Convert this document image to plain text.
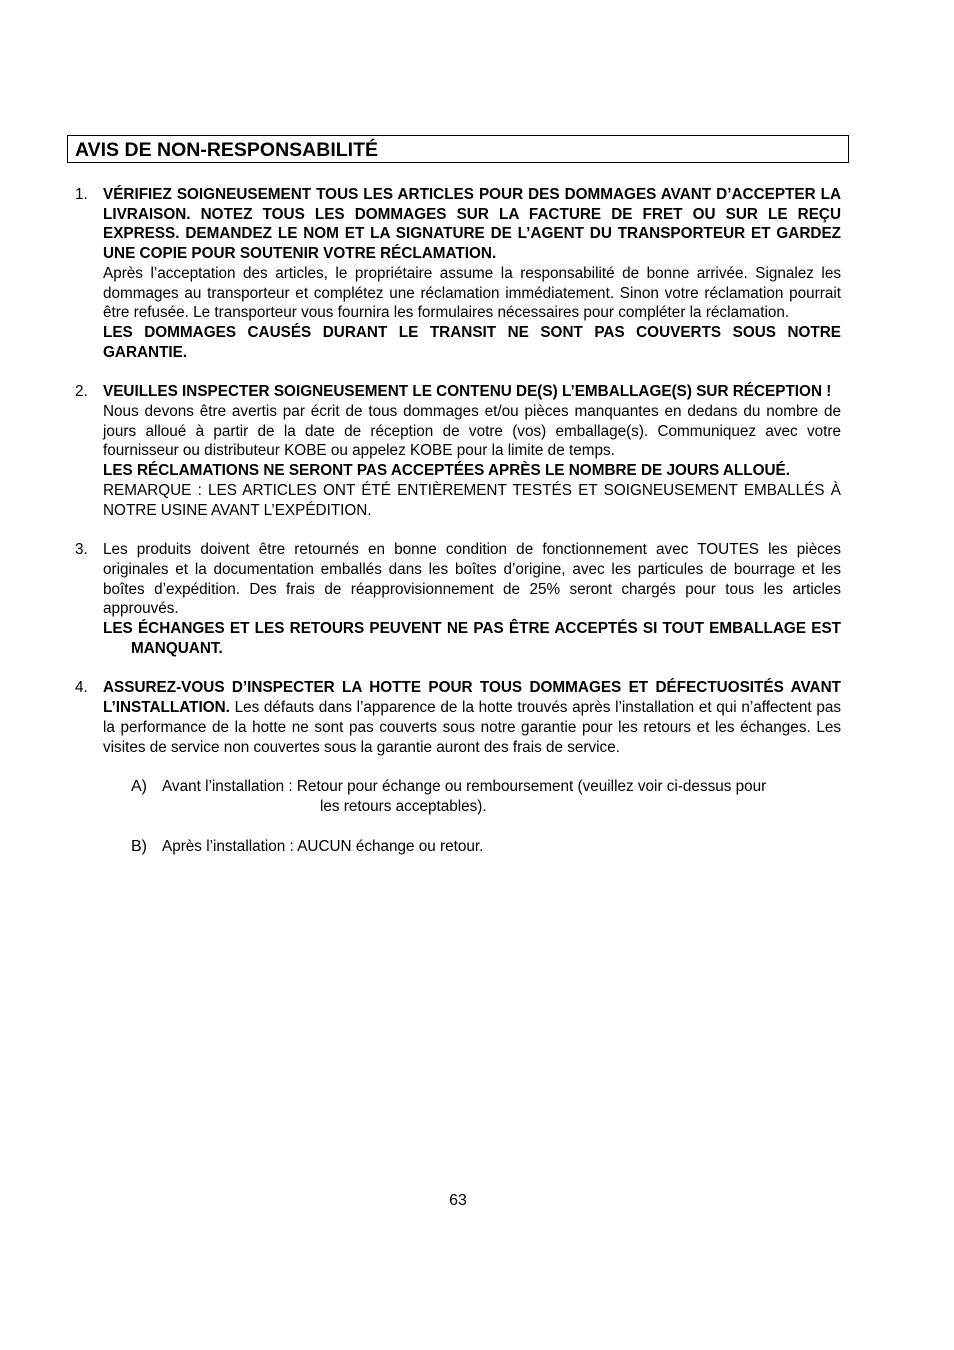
AVIS DE NON-RESPONSABILITÉ
1. VÉRIFIEZ SOIGNEUSEMENT TOUS LES ARTICLES POUR DES DOMMAGES AVANT D’ACCEPTER LA LIVRAISON. NOTEZ TOUS LES DOMMAGES SUR LA FACTURE DE FRET OU SUR LE REÇU EXPRESS. DEMANDEZ LE NOM ET LA SIGNATURE DE L’AGENT DU TRANSPORTEUR ET GARDEZ UNE COPIE POUR SOUTENIR VOTRE RÉCLAMATION.

Après l’acceptation des articles, le propriétaire assume la responsabilité de bonne arrivée. Signalez les dommages au transporteur et complétez une réclamation immédiatement. Sinon votre réclamation pourrait être refusée. Le transporteur vous fournira les formulaires nécessaires pour compléter la réclamation.

LES DOMMAGES CAUSÉS DURANT LE TRANSIT NE SONT PAS COUVERTS SOUS NOTRE GARANTIE.

2. VEUILLES INSPECTER SOIGNEUSEMENT LE CONTENU DE(S) L’EMBALLAGE(S) SUR RÉCEPTION !

Nous devons être avertis par écrit de tous dommages et/ou pièces manquantes en dedans du nombre de jours alloué à partir de la date de réception de votre (vos) emballage(s). Communiquez avec votre fournisseur ou distributeur KOBE ou appelez KOBE pour la limite de temps.

LES RÉCLAMATIONS NE SERONT PAS ACCEPTÉES APRÈS LE NOMBRE DE JOURS ALLOUÉ.

REMARQUE : LES ARTICLES ONT ÉTÉ ENTIÈREMENT TESTÉS ET SOIGNEUSEMENT EMBALLÉS À NOTRE USINE AVANT L’EXPÉDITION.

3. Les produits doivent être retournés en bonne condition de fonctionnement avec TOUTES les pièces originales et la documentation emballés dans les boîtes d’origine, avec les particules de bourrage et les boîtes d’expédition. Des frais de réapprovisionnement de 25% seront chargés pour tous les articles approuvés.

LES ÉCHANGES ET LES RETOURS PEUVENT NE PAS ÊTRE ACCEPTÉS SI TOUT EMBALLAGE EST MANQUANT.

4. ASSUREZ-VOUS D’INSPECTER LA HOTTE POUR TOUS DOMMAGES ET DÉFECTUOSITÉS AVANT L’INSTALLATION. Les défauts dans l’apparence de la hotte trouvés après l’installation et qui n’affectent pas la performance de la hotte ne sont pas couverts sous notre garantie pour les retours et les échanges. Les visites de service non couvertes sous la garantie auront des frais de service.

A) Avant l’installation : Retour pour échange ou remboursement (veuillez voir ci-dessus pour
les retours acceptables).

B) Après l’installation : AUCUN échange ou retour.

63
